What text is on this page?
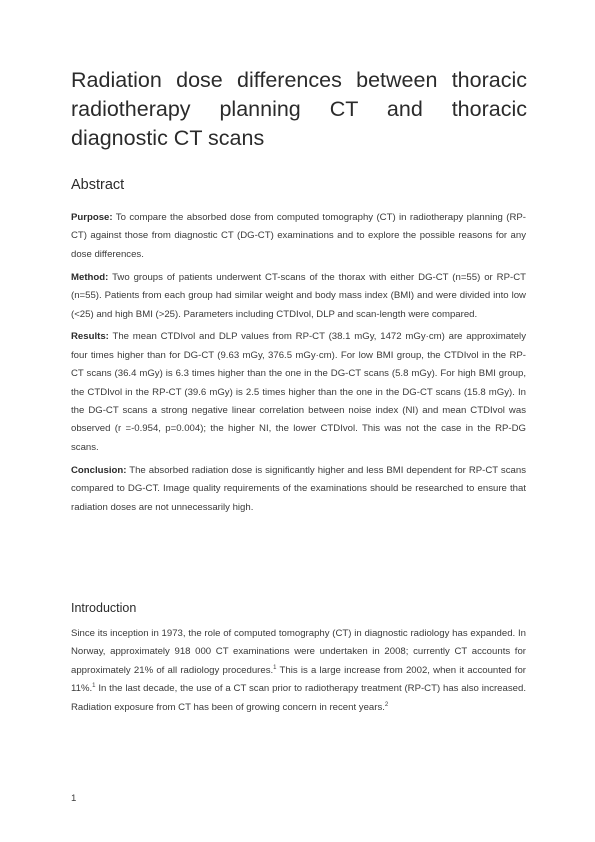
Radiation dose differences between thoracic radiotherapy planning CT and thoracic diagnostic CT scans
Abstract

Purpose: To compare the absorbed dose from computed tomography (CT) in radiotherapy planning (RP-CT) against those from diagnostic CT (DG-CT) examinations and to explore the possible reasons for any dose differences.

Method: Two groups of patients underwent CT-scans of the thorax with either DG-CT (n=55) or RP-CT (n=55). Patients from each group had similar weight and body mass index (BMI) and were divided into low (<25) and high BMI (>25). Parameters including CTDIvol, DLP and scan-length were compared.

Results: The mean CTDIvol and DLP values from RP-CT (38.1 mGy, 1472 mGy·cm) are approximately four times higher than for DG-CT (9.63 mGy, 376.5 mGy·cm). For low BMI group, the CTDIvol in the RP-CT scans (36.4 mGy) is 6.3 times higher than the one in the DG-CT scans (5.8 mGy). For high BMI group, the CTDIvol in the RP-CT (39.6 mGy) is 2.5 times higher than the one in the DG-CT scans (15.8 mGy). In the DG-CT scans a strong negative linear correlation between noise index (NI) and mean CTDIvol was observed (r =-0.954, p=0.004); the higher NI, the lower CTDIvol. This was not the case in the RP-DG scans.

Conclusion: The absorbed radiation dose is significantly higher and less BMI dependent for RP-CT scans compared to DG-CT. Image quality requirements of the examinations should be researched to ensure that radiation doses are not unnecessarily high.

Introduction

Since its inception in 1973, the role of computed tomography (CT) in diagnostic radiology has expanded. In Norway, approximately 918 000 CT examinations were undertaken in 2008; currently CT accounts for approximately 21% of all radiology procedures.$^1$ This is a large increase from 2002, when it accounted for 11%.$^1$ In the last decade, the use of a CT scan prior to radiotherapy treatment (RP-CT) has also increased. Radiation exposure from CT has been of growing concern in recent years.$^2$

1
